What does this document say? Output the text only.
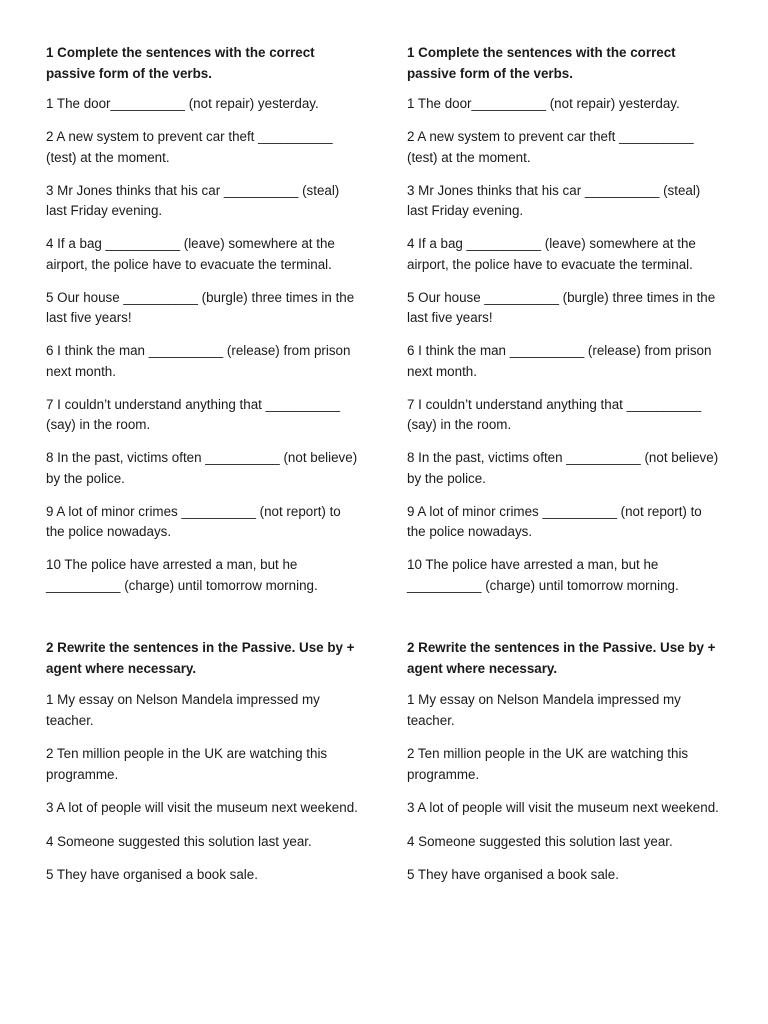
1 Complete the sentences with the correct passive form of the verbs.
1 The door__________ (not repair) yesterday.
2 A new system to prevent car theft __________ (test) at the moment.
3 Mr Jones thinks that his car __________ (steal) last Friday evening.
4 If a bag __________ (leave) somewhere at the airport, the police have to evacuate the terminal.
5 Our house __________ (burgle) three times in the last five years!
6 I think the man __________ (release) from prison next month.
7 I couldn’t understand anything that __________ (say) in the room.
8 In the past, victims often __________ (not believe) by the police.
9 A lot of minor crimes __________ (not report) to the police nowadays.
10 The police have arrested a man, but he __________ (charge) until tomorrow morning.
2 Rewrite the sentences in the Passive. Use by + agent where necessary.
1 My essay on Nelson Mandela impressed my teacher.
2 Ten million people in the UK are watching this programme.
3 A lot of people will visit the museum next weekend.
4 Someone suggested this solution last year.
5 They have organised a book sale.
1 Complete the sentences with the correct passive form of the verbs.
1 The door__________ (not repair) yesterday.
2 A new system to prevent car theft __________ (test) at the moment.
3 Mr Jones thinks that his car __________ (steal) last Friday evening.
4 If a bag __________ (leave) somewhere at the airport, the police have to evacuate the terminal.
5 Our house __________ (burgle) three times in the last five years!
6 I think the man __________ (release) from prison next month.
7 I couldn’t understand anything that __________ (say) in the room.
8 In the past, victims often __________ (not believe) by the police.
9 A lot of minor crimes __________ (not report) to the police nowadays.
10 The police have arrested a man, but he __________ (charge) until tomorrow morning.
2 Rewrite the sentences in the Passive. Use by + agent where necessary.
1 My essay on Nelson Mandela impressed my teacher.
2 Ten million people in the UK are watching this programme.
3 A lot of people will visit the museum next weekend.
4 Someone suggested this solution last year.
5 They have organised a book sale.
